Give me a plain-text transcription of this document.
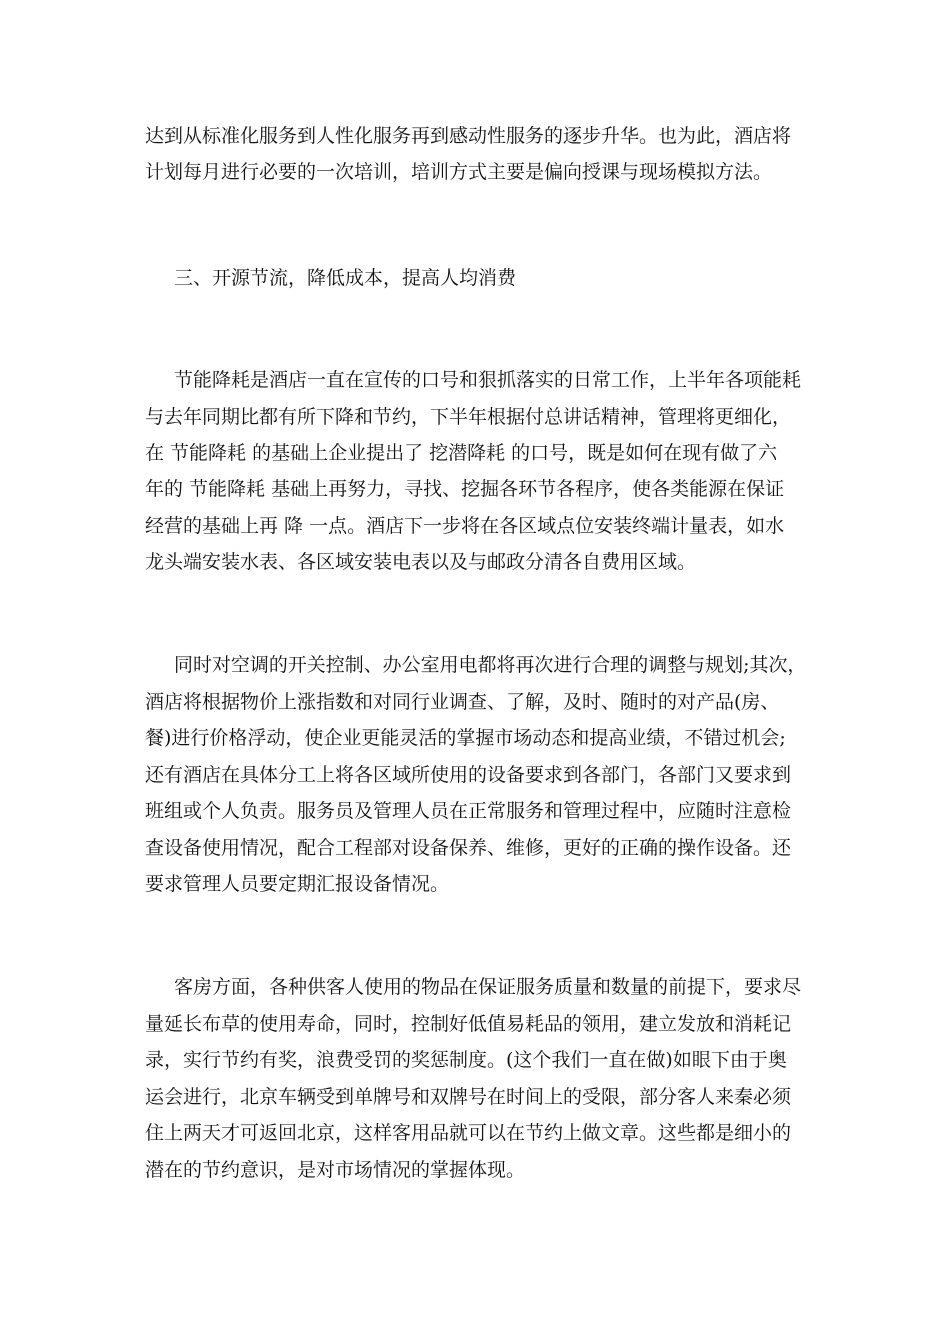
达到从标准化服务到人性化服务再到感动性服务的逐步升华。也为此，酒店将
计划每月进行必要的一次培训，培训方式主要是偏向授课与现场模拟方法。
三、开源节流，降低成本，提高人均消费
节能降耗是酒店一直在宣传的口号和狠抓落实的日常工作，上半年各项能耗
与去年同期比都有所下降和节约，下半年根据付总讲话精神，管理将更细化，
在 节能降耗 的基础上企业提出了 挖潜降耗 的口号，既是如何在现有做了六
年的 节能降耗 基础上再努力，寻找、挖掘各环节各程序，使各类能源在保证
经营的基础上再 降 一点。酒店下一步将在各区域点位安装终端计量表，如水
龙头端安装水表、各区域安装电表以及与邮政分清各自费用区域。
同时对空调的开关控制、办公室用电都将再次进行合理的调整与规划;其次，
酒店将根据物价上涨指数和对同行业调查、了解，及时、随时的对产品(房、
餐)进行价格浮动，使企业更能灵活的掌握市场动态和提高业绩，不错过机会;
还有酒店在具体分工上将各区域所使用的设备要求到各部门，各部门又要求到
班组或个人负责。服务员及管理人员在正常服务和管理过程中，应随时注意检
查设备使用情况，配合工程部对设备保养、维修，更好的正确的操作设备。还
要求管理人员要定期汇报设备情况。
客房方面，各种供客人使用的物品在保证服务质量和数量的前提下，要求尽
量延长布草的使用寿命，同时，控制好低值易耗品的领用，建立发放和消耗记
录，实行节约有奖，浪费受罚的奖惩制度。(这个我们一直在做)如眼下由于奥
运会进行，北京车辆受到单牌号和双牌号在时间上的受限，部分客人来秦必须
住上两天才可返回北京，这样客用品就可以在节约上做文章。这些都是细小的
潜在的节约意识，是对市场情况的掌握体现。
